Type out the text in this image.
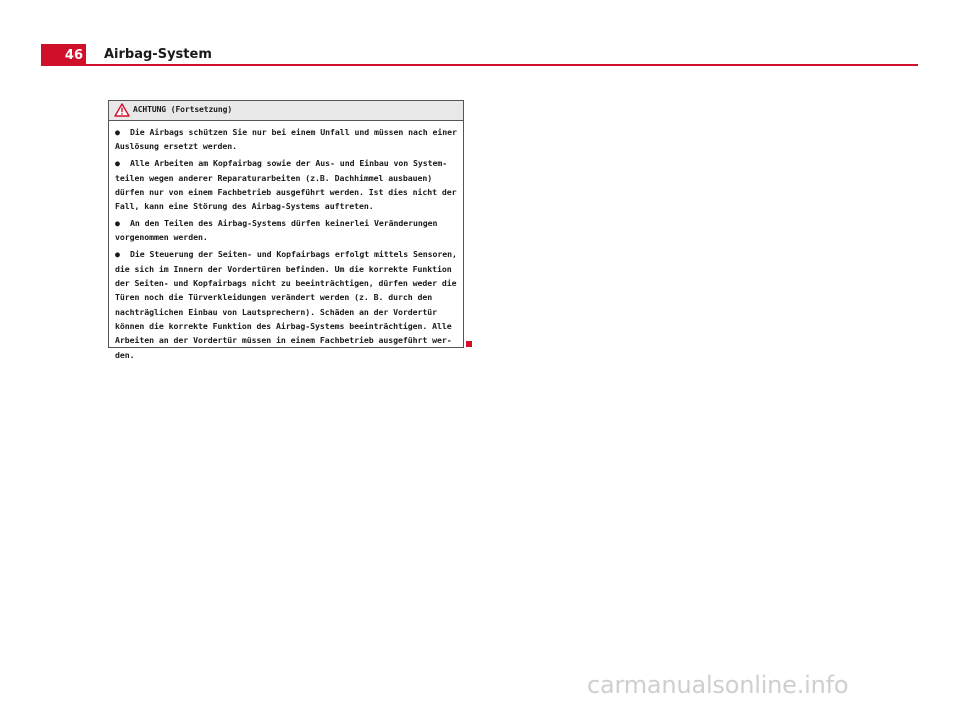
46 Airbag-System
ACHTUNG (Fortsetzung)
● Die Airbags schützen Sie nur bei einem Unfall und müssen nach einer
Auslösung ersetzt werden.
● Alle Arbeiten am Kopfairbag sowie der Aus- und Einbau von System-
teilen wegen anderer Reparaturarbeiten (z.B. Dachhimmel ausbauen)
dürfen nur von einem Fachbetrieb ausgeführt werden. Ist dies nicht der
Fall, kann eine Störung des Airbag-Systems auftreten.
● An den Teilen des Airbag-Systems dürfen keinerlei Veränderungen
vorgenommen werden.
● Die Steuerung der Seiten- und Kopfairbags erfolgt mittels Sensoren,
die sich im Innern der Vordertüren befinden. Um die korrekte Funktion
der Seiten- und Kopfairbags nicht zu beeinträchtigen, dürfen weder die
Türen noch die Türverkleidungen verändert werden (z. B. durch den
nachträglichen Einbau von Lautsprechern). Schäden an der Vordertür
können die korrekte Funktion des Airbag-Systems beeinträchtigen. Alle
Arbeiten an der Vordertür müssen in einem Fachbetrieb ausgeführt wer-
den.
carmanualsonline.info
